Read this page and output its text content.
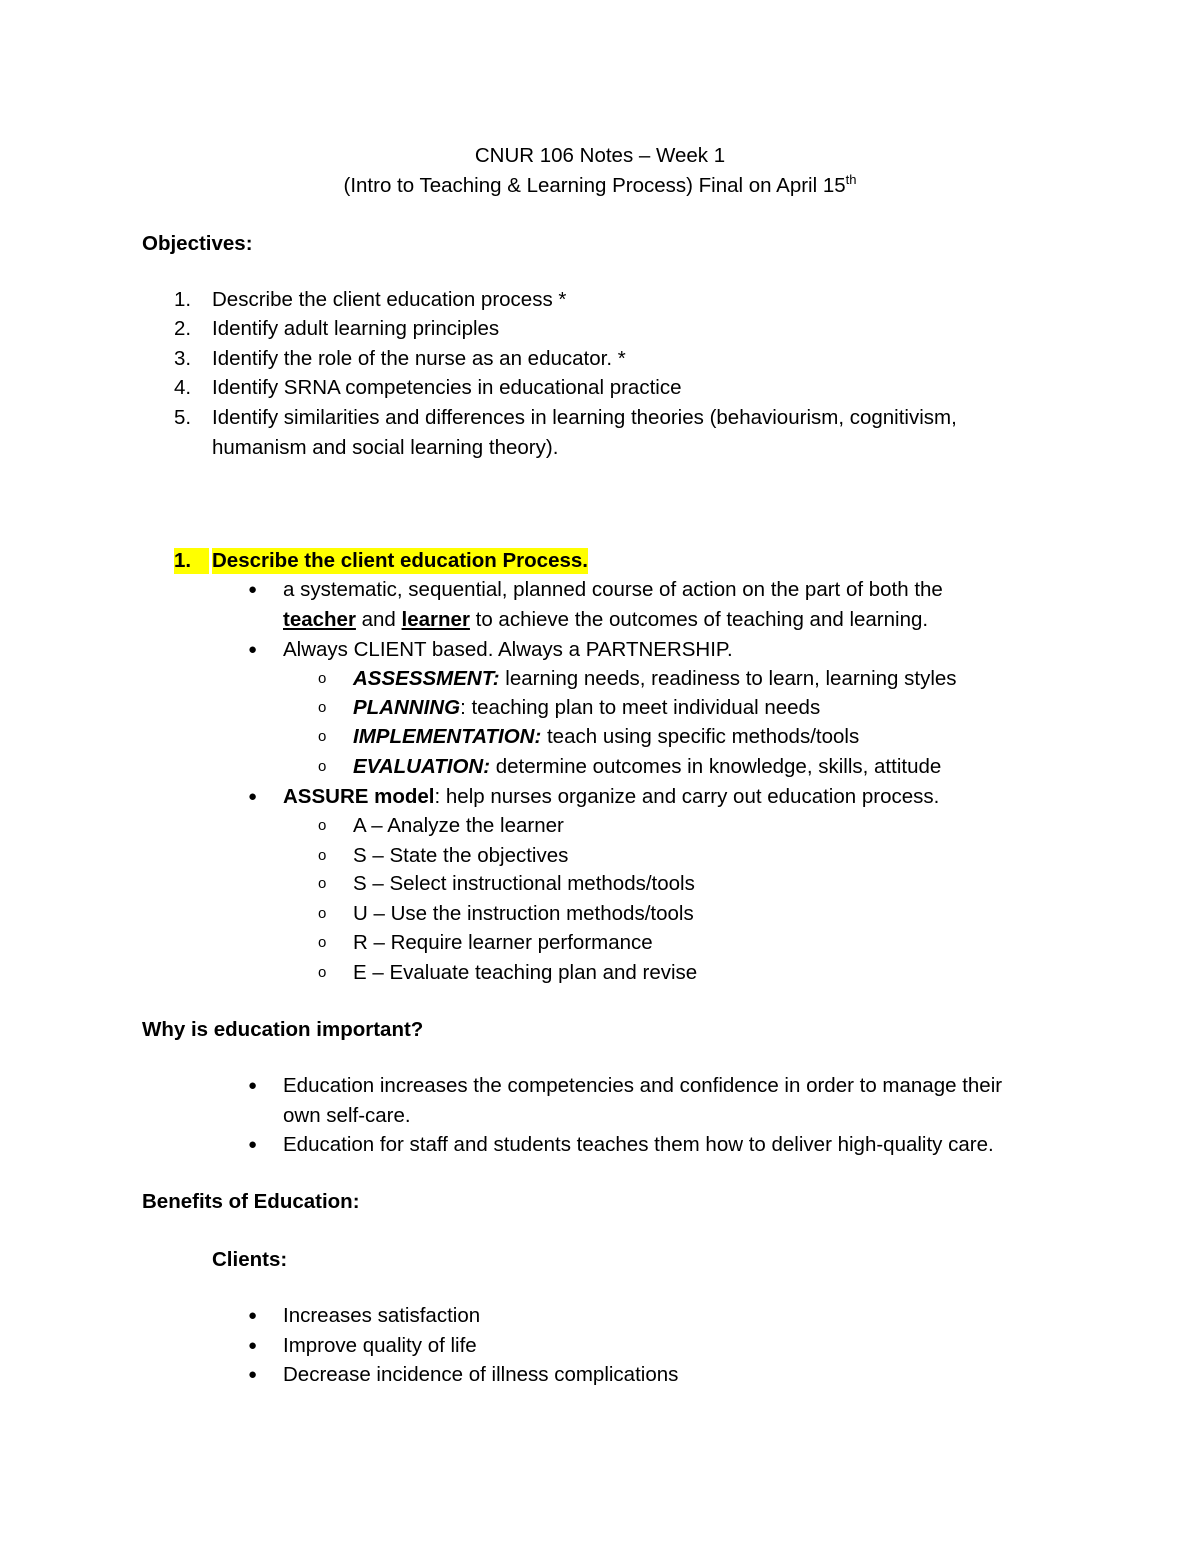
CNUR 106 Notes – Week 1
(Intro to Teaching & Learning Process) Final on April 15th
Objectives:
1. Describe the client education process *
2. Identify adult learning principles
3. Identify the role of the nurse as an educator. *
4. Identify SRNA competencies in educational practice
5. Identify similarities and differences in learning theories (behaviourism, cognitivism,
humanism and social learning theory).
1.	Describe the client education Process.
● a systematic, sequential, planned course of action on the part of both the
teacher and learner to achieve the outcomes of teaching and learning.
● Always CLIENT based. Always a PARTNERSHIP.
o ASSESSMENT: learning needs, readiness to learn, learning styles
o PLANNING: teaching plan to meet individual needs
o IMPLEMENTATION: teach using specific methods/tools
o EVALUATION: determine outcomes in knowledge, skills, attitude
● ASSURE model: help nurses organize and carry out education process.
o A – Analyze the learner
o S – State the objectives
o S – Select instructional methods/tools
o U – Use the instruction methods/tools
o R – Require learner performance
o E – Evaluate teaching plan and revise
Why is education important?
● Education increases the competencies and confidence in order to manage their
own self-care.
● Education for staff and students teaches them how to deliver high-quality care.
Benefits of Education:
Clients:
● Increases satisfaction
● Improve quality of life
● Decrease incidence of illness complications
